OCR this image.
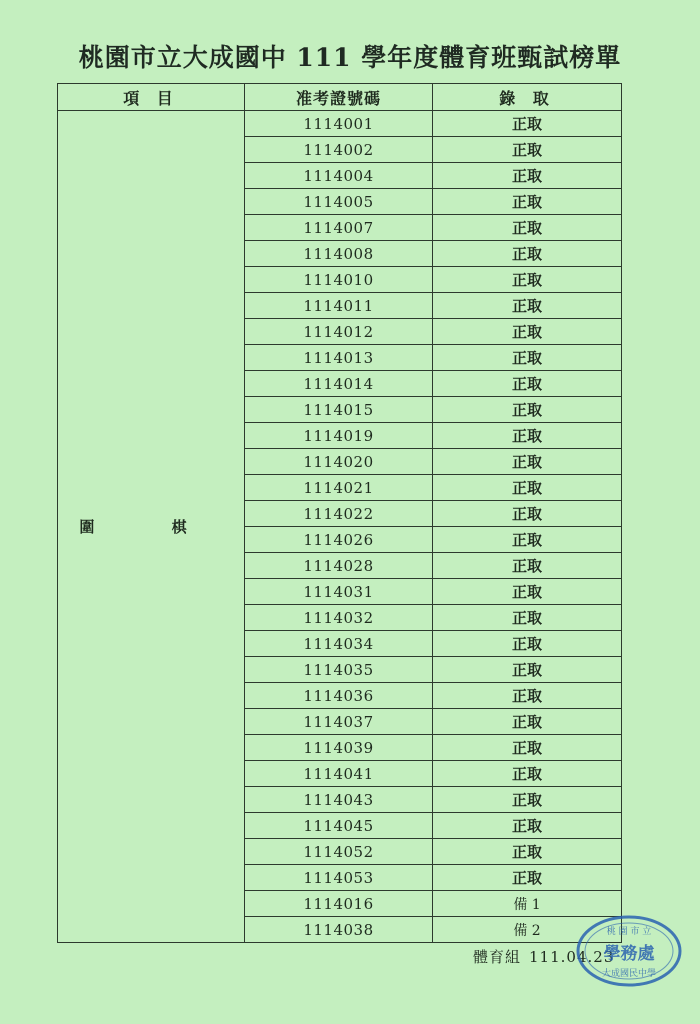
桃園市立大成國中 111 學年度體育班甄試榜單
項 目	准考證號碼	錄 取
圍 棋	1114001	正取
	1114002	正取
	1114004	正取
	1114005	正取
	1114007	正取
	1114008	正取
	1114010	正取
	1114011	正取
	1114012	正取
	1114013	正取
	1114014	正取
	1114015	正取
	1114019	正取
	1114020	正取
	1114021	正取
	1114022	正取
	1114026	正取
	1114028	正取
	1114031	正取
	1114032	正取
	1114034	正取
	1114035	正取
	1114036	正取
	1114037	正取
	1114039	正取
	1114041	正取
	1114043	正取
	1114045	正取
	1114052	正取
	1114053	正取
	1114016	備 1
	1114038	備 2
體育組 111.04.23
桃 園 市 立
學務處
大成國民中學
